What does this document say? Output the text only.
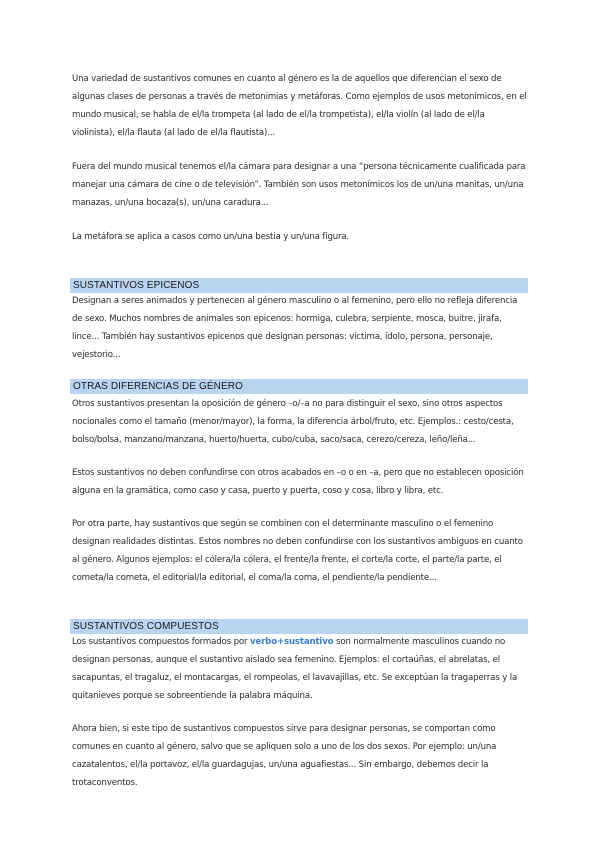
Una variedad de sustantivos comunes en cuanto al género es la de aquellos que diferencian el sexo de algunas clases de personas a través de metonimias y metáforas. Como ejemplos de usos metonímicos, en el mundo musical, se habla de el/la trompeta (al lado de el/la trompetista), el/la violín (al lado de el/la violinista), el/la flauta (al lado de el/la flautista)...
Fuera del mundo musical tenemos el/la cámara para designar a una “persona técnicamente cualificada para manejar una cámara de cine o de televisión”. También son usos metonímicos los de un/una manitas, un/una manazas, un/una bocaza(s), un/una caradura...
La metáfora se aplica a casos como un/una bestia y un/una figura.
SUSTANTIVOS EPICENOS
Designan a seres animados y pertenecen al género masculino o al femenino, pero ello no refleja diferencia de sexo. Muchos nombres de animales son epicenos: hormiga, culebra, serpiente, mosca, buitre, jirafa, lince... También hay sustantivos epicenos que designan personas: víctima, ídolo, persona, personaje, vejestorio...
OTRAS DIFERENCIAS DE GÉNERO
Otros sustantivos presentan la oposición de género –o/–a no para distinguir el sexo, sino otros aspectos nocionales como el tamaño (menor/mayor), la forma, la diferencia árbol/fruto, etc. Ejemplos.: cesto/cesta, bolso/bolsa, manzano/manzana, huerto/huerta, cubo/cuba, saco/saca, cerezo/cereza, leño/leña...
Estos sustantivos no deben confundirse con otros acabados en –o o en –a, pero que no establecen oposición alguna en la gramática, como caso y casa, puerto y puerta, coso y cosa, libro y libra, etc.
Por otra parte, hay sustantivos que según se combinen con el determinante masculino o el femenino designan realidades distintas. Estos nombres no deben confundirse con los sustantivos ambiguos en cuanto al género. Algunos ejemplos: el cólera/la cólera, el frente/la frente, el corte/la corte, el parte/la parte, el cometa/la cometa, el editorial/la editorial, el coma/la coma, el pendiente/la pendiente...
SUSTANTIVOS COMPUESTOS
Los sustantivos compuestos formados por verbo+sustantivo son normalmente masculinos cuando no designan personas, aunque el sustantivo aislado sea femenino. Ejemplos: el cortaúñas, el abrelatas, el sacapuntas, el tragaluz, el montacargas, el rompeolas, el lavavajillas, etc. Se exceptúan la tragaperras y la quitanieves porque se sobreentiende la palabra máquina.
Ahora bien, si este tipo de sustantivos compuestos sirve para designar personas, se comportan como comunes en cuanto al género, salvo que se apliquen solo a uno de los dos sexos. Por ejemplo: un/una cazatalentos, el/la portavoz, el/la guardagujas, un/una aguafiestas... Sin embargo, debemos decir la trotaconventos.
